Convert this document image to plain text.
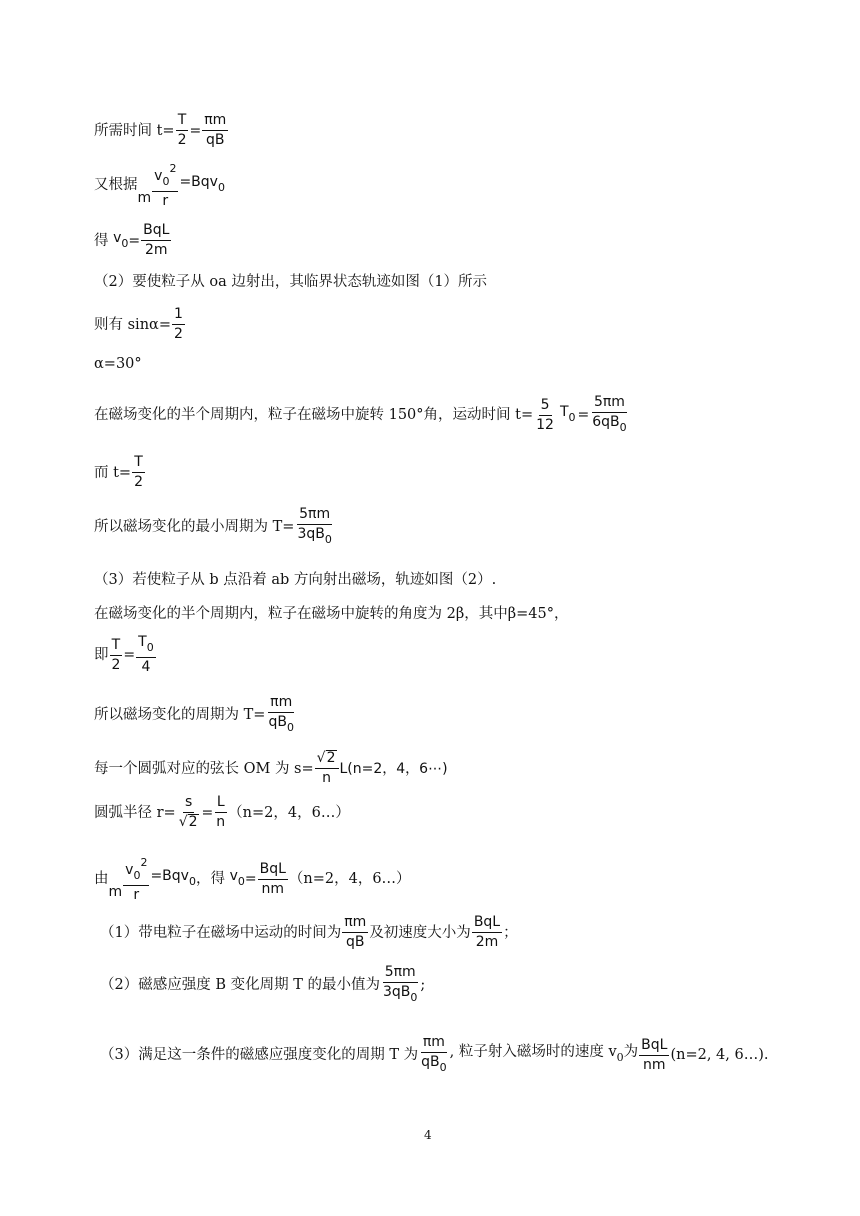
所需时间 $t= \frac{T}{2} = \frac{\pi m}{qB}$
又根据
m $\frac{v_0^2}{r} =Bqv_0$
得 $v_0 = \frac{\text{BqL}}{2m}$
（2）要使粒子从 oa 边射出，其临界状态轨迹如图（1）所示
则有 $\sin\alpha= \frac{1}{2}$
α=30°
在磁场变化的半个周期内，粒子在磁场中旋转 150°角，运动时间 $t= \frac{5}{12} T_0 = \frac{5\pi m}{6qB_0}$
而 $t= \frac{T}{2}$
所以磁场变化的最小周期为 $T= \frac{5\pi m}{3qB_0}$
（3）若使粒子从 b 点沿着 ab 方向射出磁场，轨迹如图（2）.
在磁场变化的半个周期内，粒子在磁场中旋转的角度为 2β，其中β=45°，
即 $\frac{T}{2} = \frac{T_0}{4}$
所以磁场变化的周期为 $T= \frac{\pi m}{qB_0}$
每一个圆弧对应的弦长 OM 为 $s= \frac{√ 2}{n} L(n=2$，4，6⋯)
圆弧半径 $r= \frac{s}{√ 2} = \frac{L}{n} (n=2$，4，6…）
由
m $\frac{v_0^2}{r} =Bqv_0$ ，得 $v_0 = \frac{\text{BqL}}{nm} (n=2$，4，6…）
（1）带电粒子在磁场中运动的时间为 $\frac{\pi m}{qB}$ 及初速度大小为 $\frac{\text{BqL}}{2m}$ ；
（2）磁感应强度 B 变化周期 T 的最小值为 $\frac{5\pi m}{3qB_0}$ ;
（3）满足这一条件的磁感应强度变化的周期 T 为 $\frac{\pi m}{qB_0}$ , 粒子射入磁场时的速度 $v_0$为 $\frac{\text{BqL}}{nm} (n=2$, 4, 6…).
4
